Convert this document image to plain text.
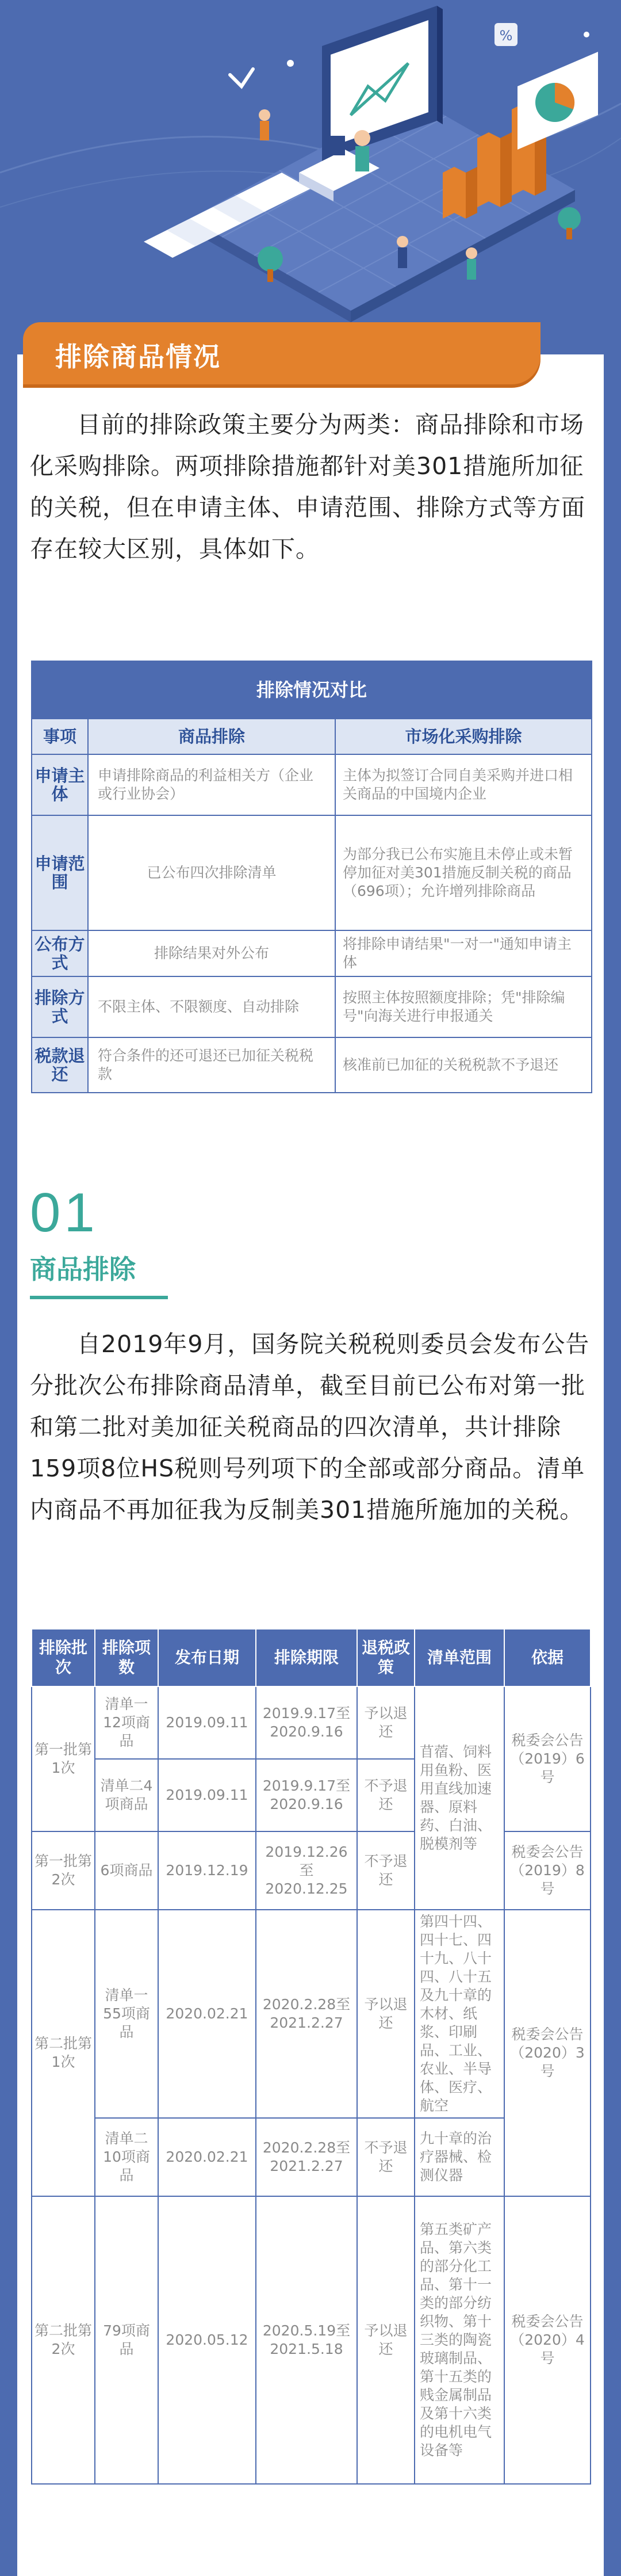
%
排除商品情况

目前的排除政策主要分为两类：商品排除和市场化采购排除。两项排除措施都针对美301措施所加征的关税，但在申请主体、申请范围、排除方式等方面存在较大区别，具体如下。

排除情况对比		
事项	商品排除	市场化采购排除
申请主体	申请排除商品的利益相关方（企业或行业协会）	主体为拟签订合同自美采购并进口相关商品的中国境内企业
申请范围	已公布四次排除清单	为部分我已公布实施且未停止或未暂停加征对美301措施反制关税的商品（696项）；允许增列排除商品
公布方式	排除结果对外公布	将排除申请结果"一对一"通知申请主体
排除方式	不限主体、不限额度、自动排除	按照主体按照额度排除；凭"排除编号"向海关进行申报通关
税款退还	符合条件的还可退还已加征关税税款	核准前已加征的关税税款不予退还
01
商品排除

自2019年9月，国务院关税税则委员会发布公告分批次公布排除商品清单，截至目前已公布对第一批和第二批对美加征关税商品的四次清单，共计排除159项8位HS税则号列项下的全部或部分商品。清单内商品不再加征我为反制美301措施所施加的关税。

排除批次	排除项数	发布日期	排除期限	退税政策	清单范围	依据
第一批第1次	清单一12项商品	2019.09.11	2019.9.17至2020.9.16	予以退还	苜蓿、饲料用鱼粉、医用直线加速器、原料药、白油、脱模剂等	税委会公告（2019）6号
	清单二4项商品	2019.09.11	2019.9.17至2020.9.16	不予退还		
第一批第2次	6项商品	2019.12.19	2019.12.26至2020.12.25	不予退还		税委会公告（2019）8号
第二批第1次	清单一55项商品	2020.02.21	2020.2.28至2021.2.27	予以退还	第四十四、四十七、四十九、八十四、八十五及九十章的木材、纸浆、印刷品、工业、农业、半导体、医疗、航空	税委会公告（2020）3号
	清单二10项商品	2020.02.21	2020.2.28至2021.2.27	不予退还	九十章的治疗器械、检测仪器	
第二批第2次	79项商品	2020.05.12	2020.5.19至2021.5.18	予以退还	第五类矿产品、第六类的部分化工品、第十一类的部分纺织物、第十三类的陶瓷玻璃制品、第十五类的贱金属制品及第十六类的电机电气设备等	税委会公告（2020）4号
